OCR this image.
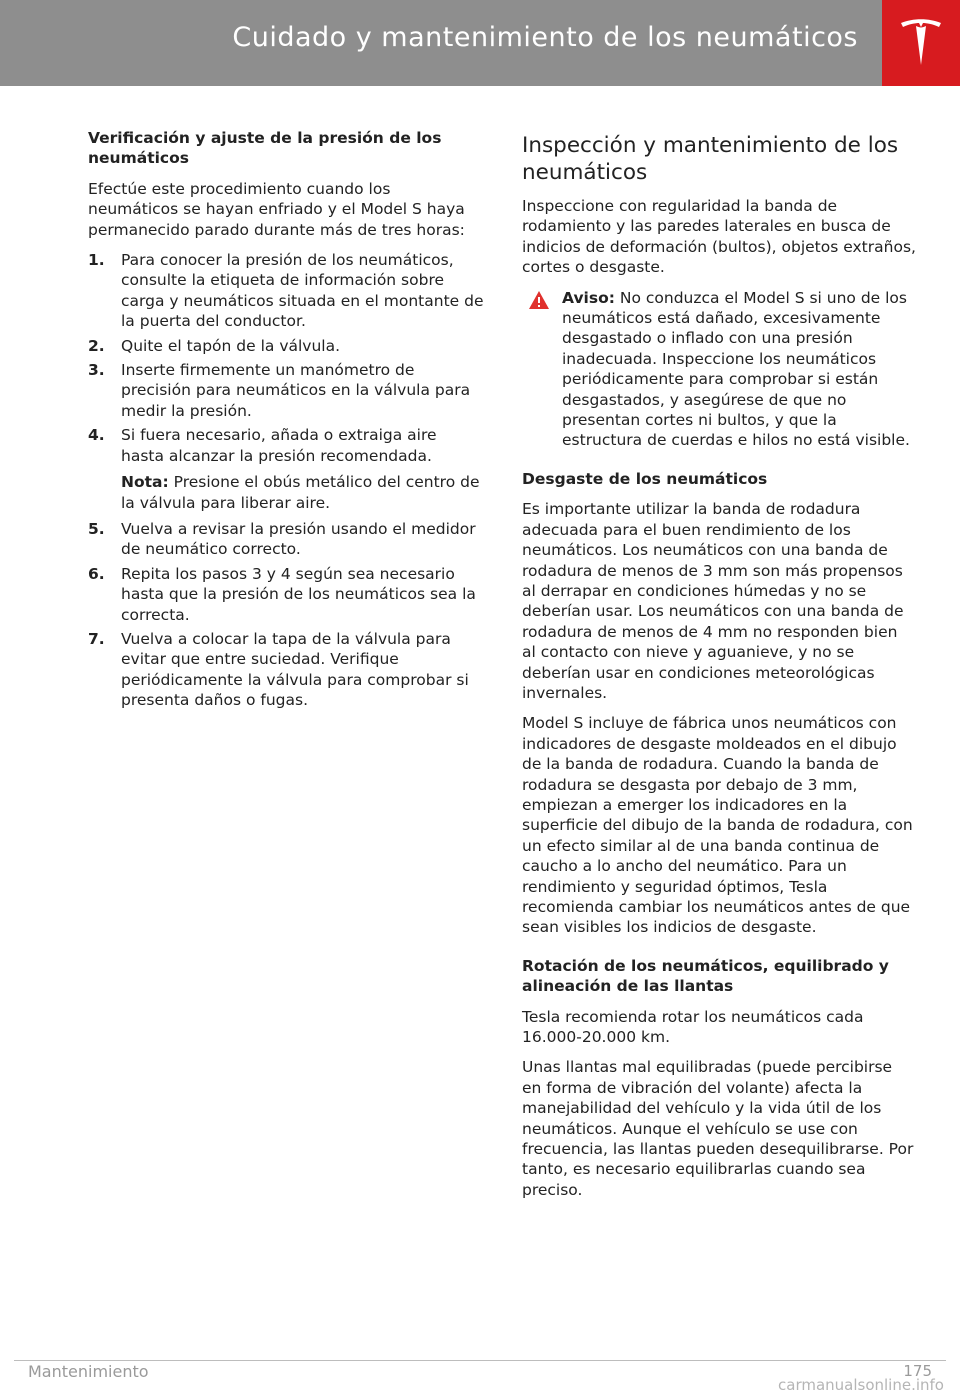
Cuidado y mantenimiento de los neumáticos
Verificación y ajuste de la presión de los neumáticos

Efectúe este procedimiento cuando los neumáticos se hayan enfriado y el Model S haya permanecido parado durante más de tres horas:

1. Para conocer la presión de los neumáticos, consulte la etiqueta de información sobre carga y neumáticos situada en el montante de la puerta del conductor.
2. Quite el tapón de la válvula.
3. Inserte firmemente un manómetro de precisión para neumáticos en la válvula para medir la presión.
4. Si fuera necesario, añada o extraiga aire hasta alcanzar la presión recomendada.
Nota: Presione el obús metálico del centro de la válvula para liberar aire.
5. Vuelva a revisar la presión usando el medidor de neumático correcto.
6. Repita los pasos 3 y 4 según sea necesario hasta que la presión de los neumáticos sea la correcta.
7. Vuelva a colocar la tapa de la válvula para evitar que entre suciedad. Verifique periódicamente la válvula para comprobar si presenta daños o fugas.
Inspección y mantenimiento de los neumáticos

Inspeccione con regularidad la banda de rodamiento y las paredes laterales en busca de indicios de deformación (bultos), objetos extraños, cortes o desgaste.

Aviso: No conduzca el Model S si uno de los neumáticos está dañado, excesivamente desgastado o inflado con una presión inadecuada. Inspeccione los neumáticos periódicamente para comprobar si están desgastados, y asegúrese de que no presentan cortes ni bultos, y que la estructura de cuerdas e hilos no está visible.
Desgaste de los neumáticos

Es importante utilizar la banda de rodadura adecuada para el buen rendimiento de los neumáticos. Los neumáticos con una banda de rodadura de menos de 3 mm son más propensos al derrapar en condiciones húmedas y no se deberían usar. Los neumáticos con una banda de rodadura de menos de 4 mm no responden bien al contacto con nieve y aguanieve, y no se deberían usar en condiciones meteorológicas invernales.

Model S incluye de fábrica unos neumáticos con indicadores de desgaste moldeados en el dibujo de la banda de rodadura. Cuando la banda de rodadura se desgasta por debajo de 3 mm, empiezan a emerger los indicadores en la superficie del dibujo de la banda de rodadura, con un efecto similar al de una banda continua de caucho a lo ancho del neumático. Para un rendimiento y seguridad óptimos, Tesla recomienda cambiar los neumáticos antes de que sean visibles los indicios de desgaste.

Rotación de los neumáticos, equilibrado y alineación de las llantas

Tesla recomienda rotar los neumáticos cada 16.000-20.000 km.

Unas llantas mal equilibradas (puede percibirse en forma de vibración del volante) afecta la manejabilidad del vehículo y la vida útil de los neumáticos. Aunque el vehículo se use con frecuencia, las llantas pueden desequilibrarse. Por tanto, es necesario equilibrarlas cuando sea preciso.

Mantenimiento	175
carmanualsonline.info
